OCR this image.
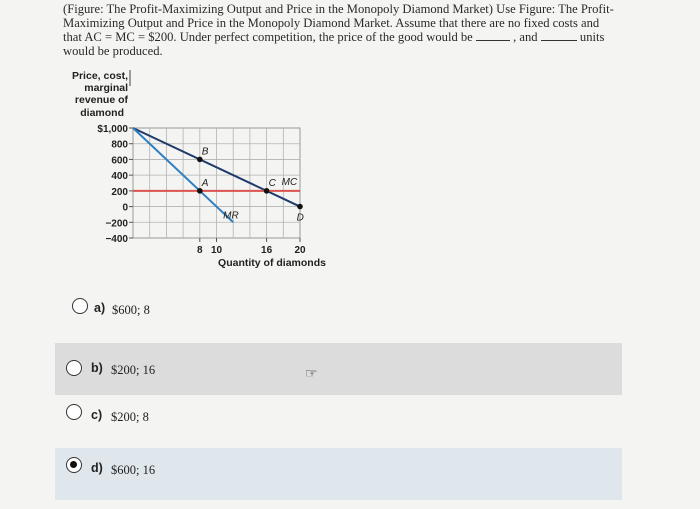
(Figure: The Profit-Maximizing Output and Price in the Monopoly Diamond Market) Use Figure: The Profit-
Maximizing Output and Price in the Monopoly Diamond Market. Assume that there are no fixed costs and
that AC = MC = $200. Under perfect competition, the price of the good would be	, and	units
would be produced.
Price, cost,
marginal
revenue of
diamond
$1,000
800
600
400
200
0
−200
−400
8 10	16 20
B
A	C MC
MR	D
Quantity of diamonds
a) $600; 8
b) $200; 16
c) $200; 8
d) $600; 16
☞
